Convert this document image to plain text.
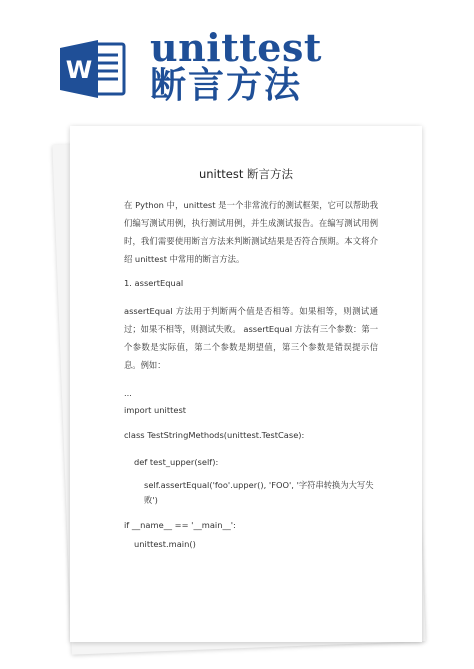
W unittest
断言方法
unittest 断言方法
在 Python 中，unittest 是一个非常流行的测试框架，它可以帮助我们编写测试用例，执行测试用例，并生成测试报告。在编写测试用例时，我们需要使用断言方法来判断测试结果是否符合预期。本文将介绍 unittest 中常用的断言方法。
1. assertEqual
assertEqual 方法用于判断两个值是否相等。如果相等，则测试通过；如果不相等，则测试失败。 assertEqual 方法有三个参数：第一个参数是实际值，第二个参数是期望值，第三个参数是错误提示信息。例如：
...
import unittest
class TestStringMethods(unittest.TestCase):
def test_upper(self):
self.assertEqual('foo'.upper(), 'FOO', '字符串转换为大写失败')
if __name__ == '__main__':
unittest.main()
